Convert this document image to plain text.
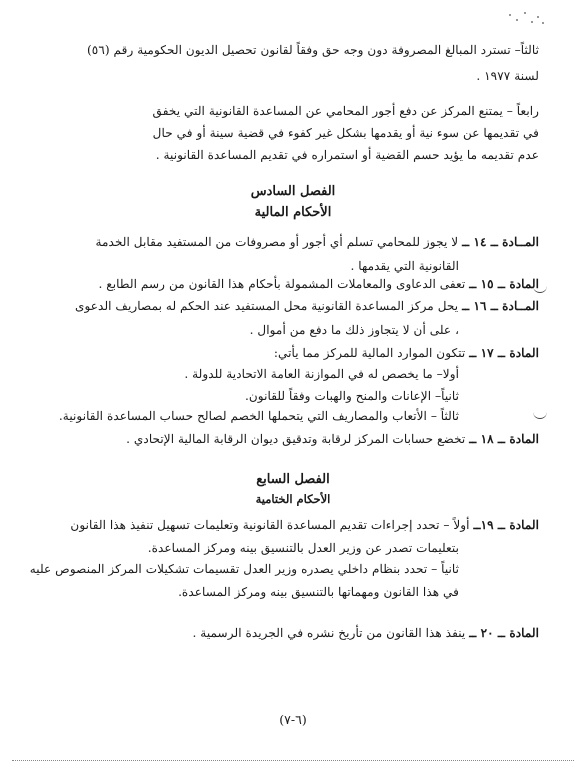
ثالثاً– تسترد المبالغ المصروفة دون وجه حق وفقاً لقانون تحصيل الديون الحكومية رقم (٥٦)
لسنة ١٩٧٧ .
رابعاً – يمتنع المركز عن دفع أجور المحامي عن المساعدة القانونية التي يخفق
في تقديمها عن سوء نية أو يقدمها بشكل غير كفوء في قضية سينة أو في حال
عدم تقديمه ما يؤيد حسم القضية أو استمراره في تقديم المساعدة القانونية .
الفصل السادس
الأحكام المالية
المــادة ــ ١٤ ــ لا يجوز للمحامي تسلم أي أجور أو مصروفات من المستفيد مقابل الخدمة
القانونية التي يقدمها .
المادة ــ ١٥ ــ تعفى الدعاوى والمعاملات المشمولة بأحكام هذا القانون من رسم الطابع .
المــادة ــ ١٦ ــ يحل مركز المساعدة القانونية محل المستفيد عند الحكم له بمصاريف الدعوى
، على أن لا يتجاوز ذلك ما دفع من أموال .
المادة ــ ١٧ ــ تتكون الموارد المالية للمركز مما يأتي:
أولا– ما يخصص له في الموازنة العامة الاتحادية للدولة .
ثانياً– الإعانات والمنح والهبات وفقاً للقانون.
ثالثاً – الأتعاب والمصاريف التي يتحملها الخصم لصالح حساب المساعدة القانونية.
المادة ــ ١٨ ــ تخضع حسابات المركز لرقابة وتدقيق ديوان الرقابة المالية الإتحادي .
الفصل السابع
الأحكام الختامية
المادة ــ ١٩ــ أولاً – تحدد إجراءات تقديم المساعدة القانونية وتعليمات تسهيل تنفيذ هذا القانون
بتعليمات تصدر عن وزير العدل بالتنسيق بينه ومركز المساعدة.
ثانياً – تحدد بنظام داخلي يصدره وزير العدل تقسيمات تشكيلات المركز المنصوص عليه
في هذا القانون ومهماتها بالتنسيق بينه ومركز المساعدة.
المادة ــ ٢٠ ــ ينفذ هذا القانون من تأريخ نشره في الجريدة الرسمية .
(٦-٧)
